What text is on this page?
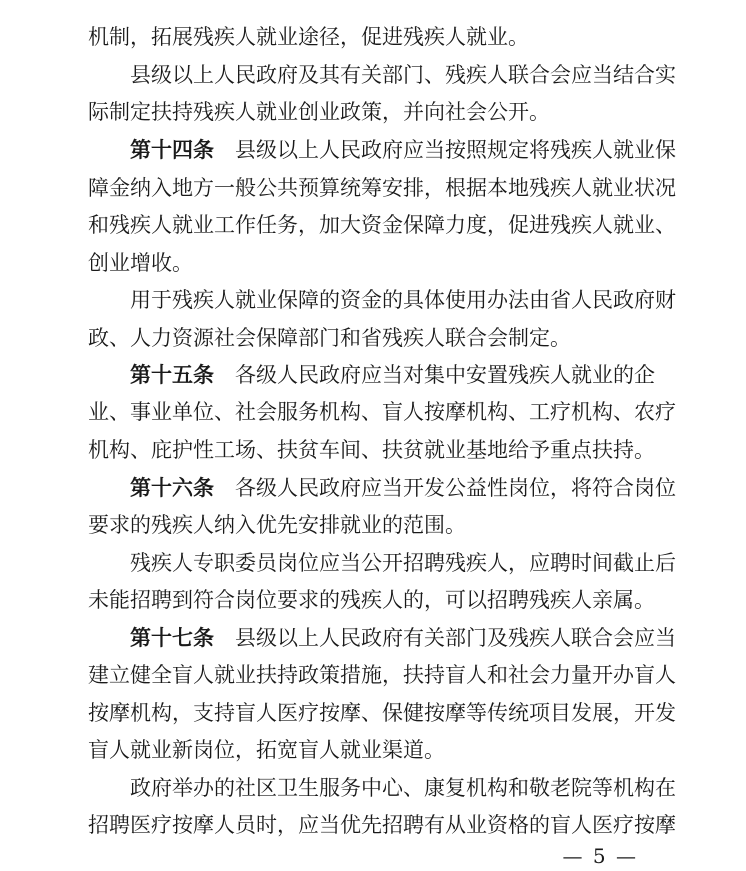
机制，拓展残疾人就业途径，促进残疾人就业。
县级以上人民政府及其有关部门、残疾人联合会应当结合实
际制定扶持残疾人就业创业政策，并向社会公开。
第十四条 县级以上人民政府应当按照规定将残疾人就业保
障金纳入地方一般公共预算统筹安排，根据本地残疾人就业状况
和残疾人就业工作任务，加大资金保障力度，促进残疾人就业、
创业增收。
用于残疾人就业保障的资金的具体使用办法由省人民政府财
政、人力资源社会保障部门和省残疾人联合会制定。
第十五条 各级人民政府应当对集中安置残疾人就业的企
业、事业单位、社会服务机构、盲人按摩机构、工疗机构、农疗
机构、庇护性工场、扶贫车间、扶贫就业基地给予重点扶持。
第十六条 各级人民政府应当开发公益性岗位，将符合岗位
要求的残疾人纳入优先安排就业的范围。
残疾人专职委员岗位应当公开招聘残疾人，应聘时间截止后
未能招聘到符合岗位要求的残疾人的，可以招聘残疾人亲属。
第十七条 县级以上人民政府有关部门及残疾人联合会应当
建立健全盲人就业扶持政策措施，扶持盲人和社会力量开办盲人
按摩机构，支持盲人医疗按摩、保健按摩等传统项目发展，开发
盲人就业新岗位，拓宽盲人就业渠道。
政府举办的社区卫生服务中心、康复机构和敬老院等机构在
招聘医疗按摩人员时，应当优先招聘有从业资格的盲人医疗按摩
— 5 —
